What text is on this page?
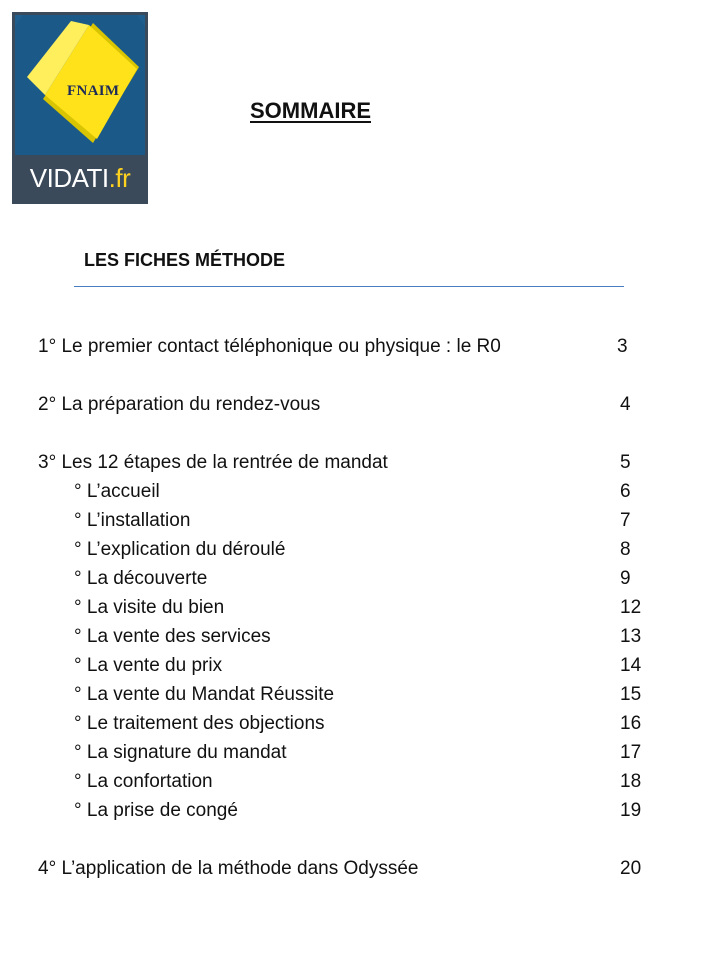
FNAIM
VIDATI.fr
SOMMAIRE
LES FICHES MÉTHODE
1° Le premier contact téléphonique ou physique : le R0	3
2° La préparation du rendez-vous	4
3° Les 12 étapes de la rentrée de mandat	5
° L’accueil	6
° L’installation	7
° L’explication du déroulé	8
° La découverte	9
° La visite du bien	12
° La vente des services	13
° La vente du prix	14
° La vente du Mandat Réussite	15
° Le traitement des objections	16
° La signature du mandat	17
° La confortation	18
° La prise de congé	19
4° L’application de la méthode dans Odyssée	20
